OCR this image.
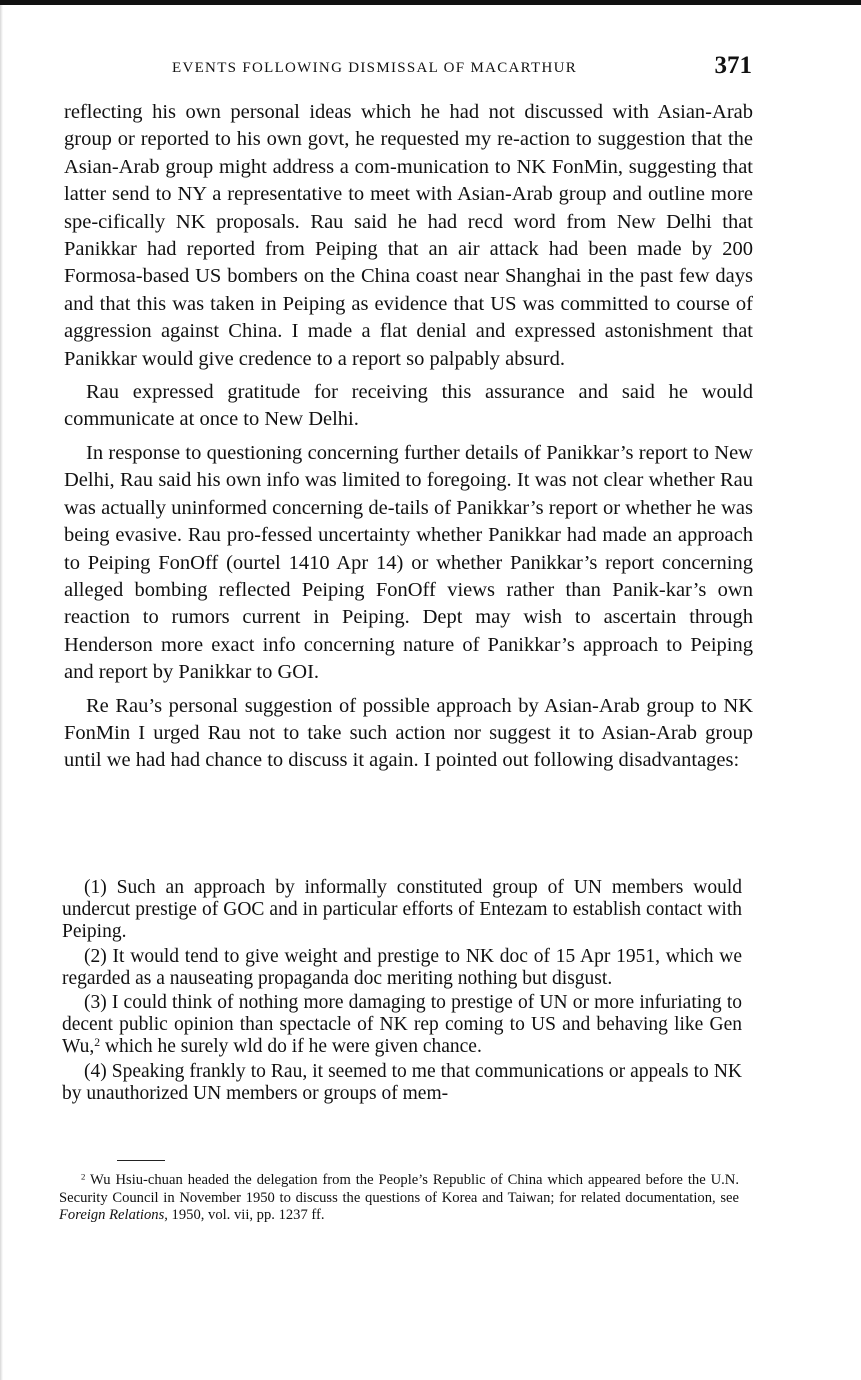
EVENTS FOLLOWING DISMISSAL OF MACARTHUR	371

reflecting his own personal ideas which he had not discussed with Asian-Arab group or reported to his own govt, he requested my re-action to suggestion that the Asian-Arab group might address a com-munication to NK FonMin, suggesting that latter send to NY a representative to meet with Asian-Arab group and outline more spe-cifically NK proposals. Rau said he had recd word from New Delhi that Panikkar had reported from Peiping that an air attack had been made by 200 Formosa-based US bombers on the China coast near Shanghai in the past few days and that this was taken in Peiping as evidence that US was committed to course of aggression against China. I made a flat denial and expressed astonishment that Panikkar would give credence to a report so palpably absurd.

Rau expressed gratitude for receiving this assurance and said he would communicate at once to New Delhi.

In response to questioning concerning further details of Panikkar’s report to New Delhi, Rau said his own info was limited to foregoing. It was not clear whether Rau was actually uninformed concerning de-tails of Panikkar’s report or whether he was being evasive. Rau pro-fessed uncertainty whether Panikkar had made an approach to Peiping FonOff (ourtel 1410 Apr 14) or whether Panikkar’s report concerning alleged bombing reflected Peiping FonOff views rather than Panik-kar’s own reaction to rumors current in Peiping. Dept may wish to ascertain through Henderson more exact info concerning nature of Panikkar’s approach to Peiping and report by Panikkar to GOI.

Re Rau’s personal suggestion of possible approach by Asian-Arab group to NK FonMin I urged Rau not to take such action nor suggest it to Asian-Arab group until we had had chance to discuss it again. I pointed out following disadvantages:

(1) Such an approach by informally constituted group of UN members would undercut prestige of GOC and in particular efforts of Entezam to establish contact with Peiping.

(2) It would tend to give weight and prestige to NK doc of 15 Apr 1951, which we regarded as a nauseating propaganda doc meriting nothing but disgust.

(3) I could think of nothing more damaging to prestige of UN or more infuriating to decent public opinion than spectacle of NK rep coming to US and behaving like Gen Wu,$^2$ which he surely wld do if he were given chance.

(4) Speaking frankly to Rau, it seemed to me that communications or appeals to NK by unauthorized UN members or groups of mem-

$^2$ Wu Hsiu-chuan headed the delegation from the People’s Republic of China which appeared before the U.N. Security Council in November 1950 to discuss the questions of Korea and Taiwan; for related documentation, see Foreign Relations, 1950, vol. vii, pp. 1237 ff.
